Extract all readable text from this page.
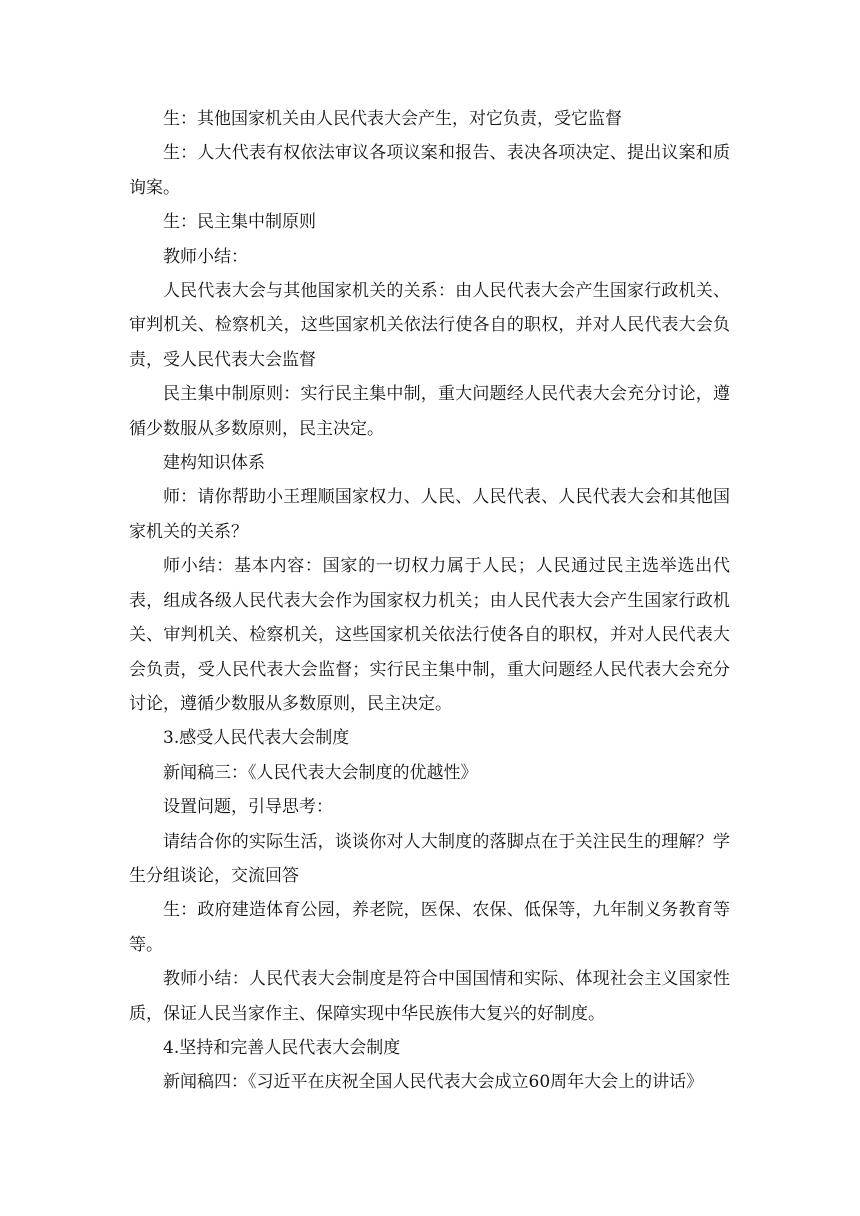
生：其他国家机关由人民代表大会产生，对它负责，受它监督

生：人大代表有权依法审议各项议案和报告、表决各项决定、提出议案和质询案。

生：民主集中制原则

教师小结：

人民代表大会与其他国家机关的关系：由人民代表大会产生国家行政机关、审判机关、检察机关，这些国家机关依法行使各自的职权，并对人民代表大会负责，受人民代表大会监督

民主集中制原则：实行民主集中制，重大问题经人民代表大会充分讨论，遵循少数服从多数原则，民主决定。

建构知识体系

师：请你帮助小王理顺国家权力、人民、人民代表、人民代表大会和其他国家机关的关系？

师小结：基本内容：国家的一切权力属于人民；人民通过民主选举选出代表，组成各级人民代表大会作为国家权力机关；由人民代表大会产生国家行政机关、审判机关、检察机关，这些国家机关依法行使各自的职权，并对人民代表大会负责，受人民代表大会监督；实行民主集中制，重大问题经人民代表大会充分讨论，遵循少数服从多数原则，民主决定。

3.感受人民代表大会制度

新闻稿三：《人民代表大会制度的优越性》

设置问题，引导思考：

请结合你的实际生活，谈谈你对人大制度的落脚点在于关注民生的理解？学生分组谈论，交流回答

生：政府建造体育公园，养老院，医保、农保、低保等，九年制义务教育等等。

教师小结：人民代表大会制度是符合中国国情和实际、体现社会主义国家性质，保证人民当家作主、保障实现中华民族伟大复兴的好制度。

4.坚持和完善人民代表大会制度

新闻稿四：《习近平在庆祝全国人民代表大会成立60周年大会上的讲话》
